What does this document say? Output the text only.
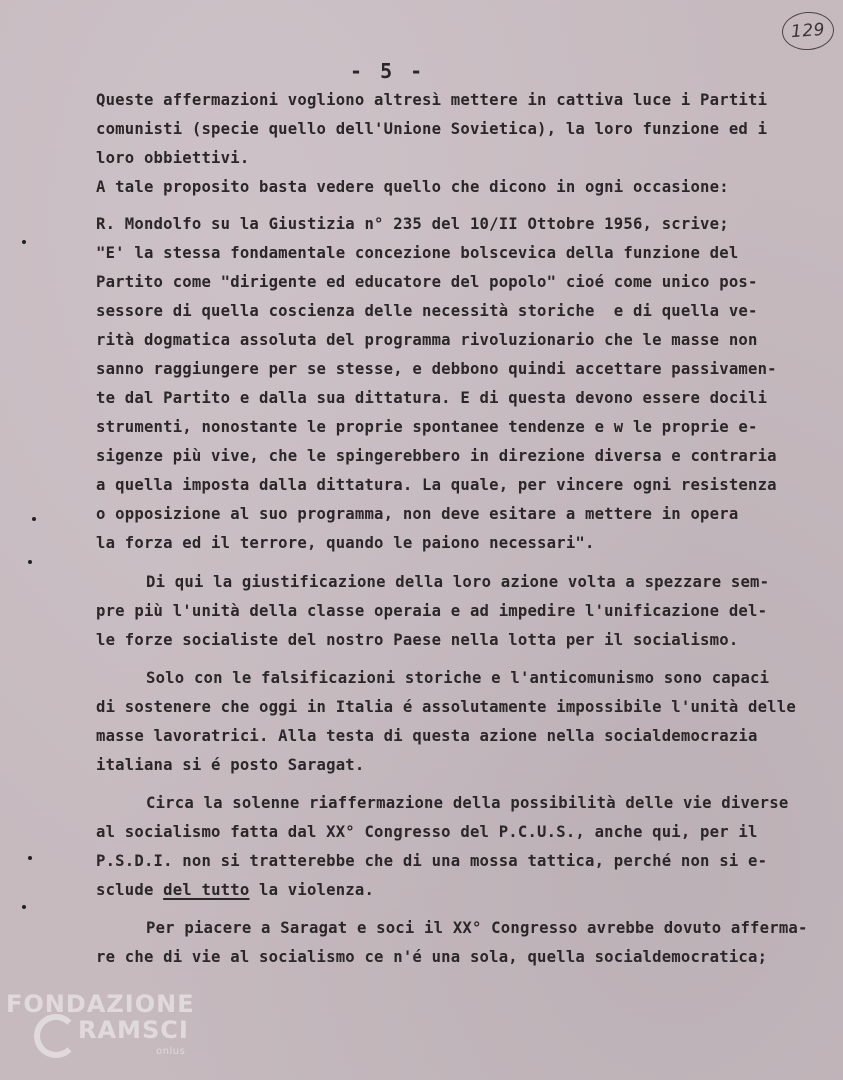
129
- 5 -
Queste affermazioni vogliono altresì mettere in cattiva luce i Partiti
comunisti (specie quello dell'Unione Sovietica), la loro funzione ed i
loro obbiettivi.
A tale proposito basta vedere quello che dicono in ogni occasione:
R. Mondolfo su la Giustizia n° 235 del 10/II Ottobre 1956, scrive;
"E' la stessa fondamentale concezione bolscevica della funzione del
Partito come "dirigente ed educatore del popolo" cioé come unico pos-
sessore di quella coscienza delle necessità storiche  e di quella ve-
rità dogmatica assoluta del programma rivoluzionario che le masse non
sanno raggiungere per se stesse, e debbono quindi accettare passivamen-
te dal Partito e dalla sua dittatura. E di questa devono essere docili
strumenti, nonostante le proprie spontanee tendenze e w le proprie e-
sigenze più vive, che le spingerebbero in direzione diversa e contraria
a quella imposta dalla dittatura. La quale, per vincere ogni resistenza
o opposizione al suo programma, non deve esitare a mettere in opera
la forza ed il terrore, quando le paiono necessari".
Di qui la giustificazione della loro azione volta a spezzare sem-
pre più l'unità della classe operaia e ad impedire l'unificazione del-
le forze socialiste del nostro Paese nella lotta per il socialismo.
Solo con le falsificazioni storiche e l'anticomunismo sono capaci
di sostenere che oggi in Italia é assolutamente impossibile l'unità delle
masse lavoratrici. Alla testa di questa azione nella socialdemocrazia
italiana si é posto Saragat.
Circa la solenne riaffermazione della possibilità delle vie diverse
al socialismo fatta dal XX° Congresso del P.C.U.S., anche qui, per il
P.S.D.I. non si tratterebbe che di una mossa tattica, perché non si e-
sclude del tutto la violenza.
Per piacere a Saragat e soci il XX° Congresso avrebbe dovuto afferma-
re che di vie al socialismo ce n'é una sola, quella socialdemocratica;
FONDAZIONE
RAMSCI
onlus
